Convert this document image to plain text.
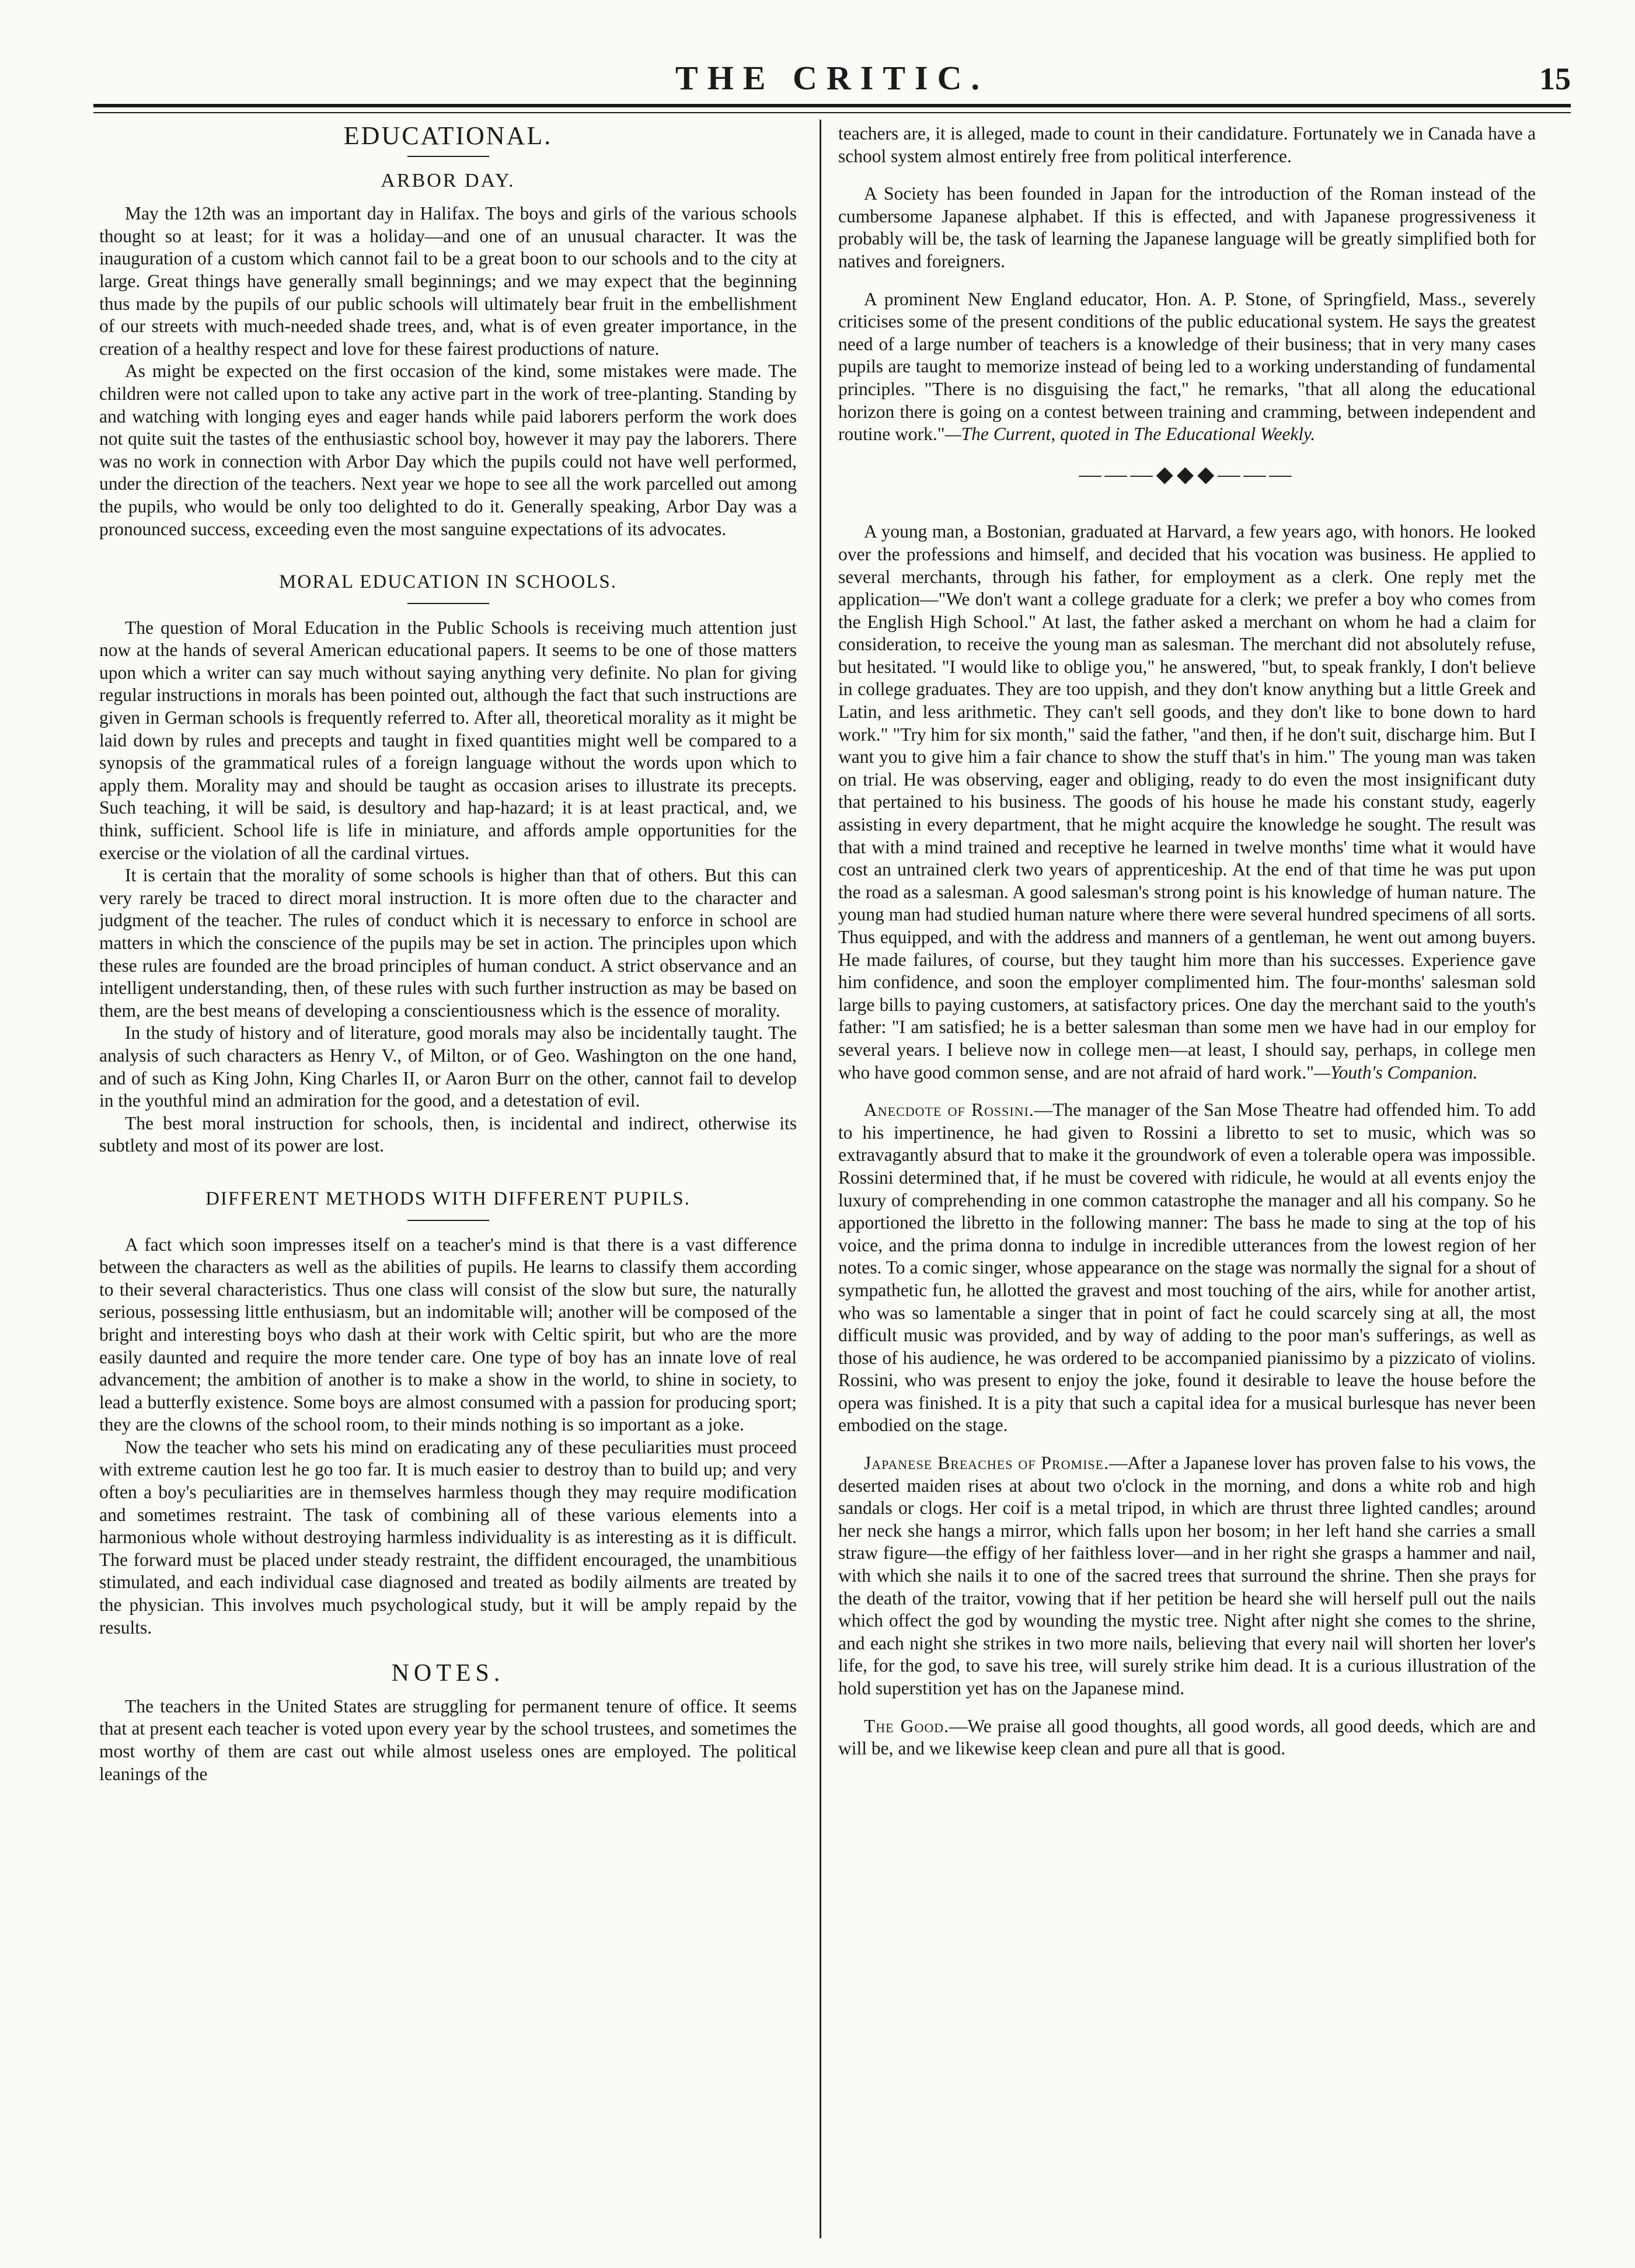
THE CRITIC.	15
EDUCATIONAL.
ARBOR DAY.

May the 12th was an important day in Halifax. The boys and girls of the various schools thought so at least; for it was a holiday—and one of an unusual character. It was the inauguration of a custom which cannot fail to be a great boon to our schools and to the city at large. Great things have generally small beginnings; and we may expect that the beginning thus made by the pupils of our public schools will ultimately bear fruit in the embellishment of our streets with much-needed shade trees, and, what is of even greater importance, in the creation of a healthy respect and love for these fairest productions of nature.

As might be expected on the first occasion of the kind, some mistakes were made. The children were not called upon to take any active part in the work of tree-planting. Standing by and watching with longing eyes and eager hands while paid laborers perform the work does not quite suit the tastes of the enthusiastic school boy, however it may pay the laborers. There was no work in connection with Arbor Day which the pupils could not have well performed, under the direction of the teachers. Next year we hope to see all the work parcelled out among the pupils, who would be only too delighted to do it. Generally speaking, Arbor Day was a pronounced success, exceeding even the most sanguine expectations of its advocates.

MORAL EDUCATION IN SCHOOLS.

The question of Moral Education in the Public Schools is receiving much attention just now at the hands of several American educational papers. It seems to be one of those matters upon which a writer can say much without saying anything very definite. No plan for giving regular instructions in morals has been pointed out, although the fact that such instructions are given in German schools is frequently referred to. After all, theoretical morality as it might be laid down by rules and precepts and taught in fixed quantities might well be compared to a synopsis of the grammatical rules of a foreign language without the words upon which to apply them. Morality may and should be taught as occasion arises to illustrate its precepts. Such teaching, it will be said, is desultory and hap-hazard; it is at least practical, and, we think, sufficient. School life is life in miniature, and affords ample opportunities for the exercise or the violation of all the cardinal virtues.

It is certain that the morality of some schools is higher than that of others. But this can very rarely be traced to direct moral instruction. It is more often due to the character and judgment of the teacher. The rules of conduct which it is necessary to enforce in school are matters in which the conscience of the pupils may be set in action. The principles upon which these rules are founded are the broad principles of human conduct. A strict observance and an intelligent understanding, then, of these rules with such further instruction as may be based on them, are the best means of developing a conscientiousness which is the essence of morality.

In the study of history and of literature, good morals may also be incidentally taught. The analysis of such characters as Henry V., of Milton, or of Geo. Washington on the one hand, and of such as King John, King Charles II, or Aaron Burr on the other, cannot fail to develop in the youthful mind an admiration for the good, and a detestation of evil.

The best moral instruction for schools, then, is incidental and indirect, otherwise its subtlety and most of its power are lost.

DIFFERENT METHODS WITH DIFFERENT PUPILS.

A fact which soon impresses itself on a teacher's mind is that there is a vast difference between the characters as well as the abilities of pupils. He learns to classify them according to their several characteristics. Thus one class will consist of the slow but sure, the naturally serious, possessing little enthusiasm, but an indomitable will; another will be composed of the bright and interesting boys who dash at their work with Celtic spirit, but who are the more easily daunted and require the more tender care. One type of boy has an innate love of real advancement; the ambition of another is to make a show in the world, to shine in society, to lead a butterfly existence. Some boys are almost consumed with a passion for producing sport; they are the clowns of the school room, to their minds nothing is so important as a joke.

Now the teacher who sets his mind on eradicating any of these peculiarities must proceed with extreme caution lest he go too far. It is much easier to destroy than to build up; and very often a boy's peculiarities are in themselves harmless though they may require modification and sometimes restraint. The task of combining all of these various elements into a harmonious whole without destroying harmless individuality is as interesting as it is difficult. The forward must be placed under steady restraint, the diffident encouraged, the unambitious stimulated, and each individual case diagnosed and treated as bodily ailments are treated by the physician. This involves much psychological study, but it will be amply repaid by the results.

NOTES.

The teachers in the United States are struggling for permanent tenure of office. It seems that at present each teacher is voted upon every year by the school trustees, and sometimes the most worthy of them are cast out while almost useless ones are employed. The political leanings of the

teachers are, it is alleged, made to count in their candidature. Fortunately we in Canada have a school system almost entirely free from political interference.

A Society has been founded in Japan for the introduction of the Roman instead of the cumbersome Japanese alphabet. If this is effected, and with Japanese progressiveness it probably will be, the task of learning the Japanese language will be greatly simplified both for natives and foreigners.

A prominent New England educator, Hon. A. P. Stone, of Springfield, Mass., severely criticises some of the present conditions of the public educational system. He says the greatest need of a large number of teachers is a knowledge of their business; that in very many cases pupils are taught to memorize instead of being led to a working understanding of fundamental principles. "There is no disguising the fact," he remarks, "that all along the educational horizon there is going on a contest between training and cramming, between independent and routine work."—The Current, quoted in The Educational Weekly.

———◆◆◆———

A young man, a Bostonian, graduated at Harvard, a few years ago, with honors. He looked over the professions and himself, and decided that his vocation was business. He applied to several merchants, through his father, for employment as a clerk. One reply met the application—"We don't want a college graduate for a clerk; we prefer a boy who comes from the English High School." At last, the father asked a merchant on whom he had a claim for consideration, to receive the young man as salesman. The merchant did not absolutely refuse, but hesitated. "I would like to oblige you," he answered, "but, to speak frankly, I don't believe in college graduates. They are too uppish, and they don't know anything but a little Greek and Latin, and less arithmetic. They can't sell goods, and they don't like to bone down to hard work." "Try him for six month," said the father, "and then, if he don't suit, discharge him. But I want you to give him a fair chance to show the stuff that's in him." The young man was taken on trial. He was observing, eager and obliging, ready to do even the most insignificant duty that pertained to his business. The goods of his house he made his constant study, eagerly assisting in every department, that he might acquire the knowledge he sought. The result was that with a mind trained and receptive he learned in twelve months' time what it would have cost an untrained clerk two years of apprenticeship. At the end of that time he was put upon the road as a salesman. A good salesman's strong point is his knowledge of human nature. The young man had studied human nature where there were several hundred specimens of all sorts. Thus equipped, and with the address and manners of a gentleman, he went out among buyers. He made failures, of course, but they taught him more than his successes. Experience gave him confidence, and soon the employer complimented him. The four-months' salesman sold large bills to paying customers, at satisfactory prices. One day the merchant said to the youth's father: "I am satisfied; he is a better salesman than some men we have had in our employ for several years. I believe now in college men—at least, I should say, perhaps, in college men who have good common sense, and are not afraid of hard work."—Youth's Companion.

Anecdote of Rossini.—The manager of the San Mose Theatre had offended him. To add to his impertinence, he had given to Rossini a libretto to set to music, which was so extravagantly absurd that to make it the groundwork of even a tolerable opera was impossible. Rossini determined that, if he must be covered with ridicule, he would at all events enjoy the luxury of comprehending in one common catastrophe the manager and all his company. So he apportioned the libretto in the following manner: The bass he made to sing at the top of his voice, and the prima donna to indulge in incredible utterances from the lowest region of her notes. To a comic singer, whose appearance on the stage was normally the signal for a shout of sympathetic fun, he allotted the gravest and most touching of the airs, while for another artist, who was so lamentable a singer that in point of fact he could scarcely sing at all, the most difficult music was provided, and by way of adding to the poor man's sufferings, as well as those of his audience, he was ordered to be accompanied pianissimo by a pizzicato of violins. Rossini, who was present to enjoy the joke, found it desirable to leave the house before the opera was finished. It is a pity that such a capital idea for a musical burlesque has never been embodied on the stage.

Japanese Breaches of Promise.—After a Japanese lover has proven false to his vows, the deserted maiden rises at about two o'clock in the morning, and dons a white rob and high sandals or clogs. Her coif is a metal tripod, in which are thrust three lighted candles; around her neck she hangs a mirror, which falls upon her bosom; in her left hand she carries a small straw figure—the effigy of her faithless lover—and in her right she grasps a hammer and nail, with which she nails it to one of the sacred trees that surround the shrine. Then she prays for the death of the traitor, vowing that if her petition be heard she will herself pull out the nails which offect the god by wounding the mystic tree. Night after night she comes to the shrine, and each night she strikes in two more nails, believing that every nail will shorten her lover's life, for the god, to save his tree, will surely strike him dead. It is a curious illustration of the hold superstition yet has on the Japanese mind.

The Good.—We praise all good thoughts, all good words, all good deeds, which are and will be, and we likewise keep clean and pure all that is good.
